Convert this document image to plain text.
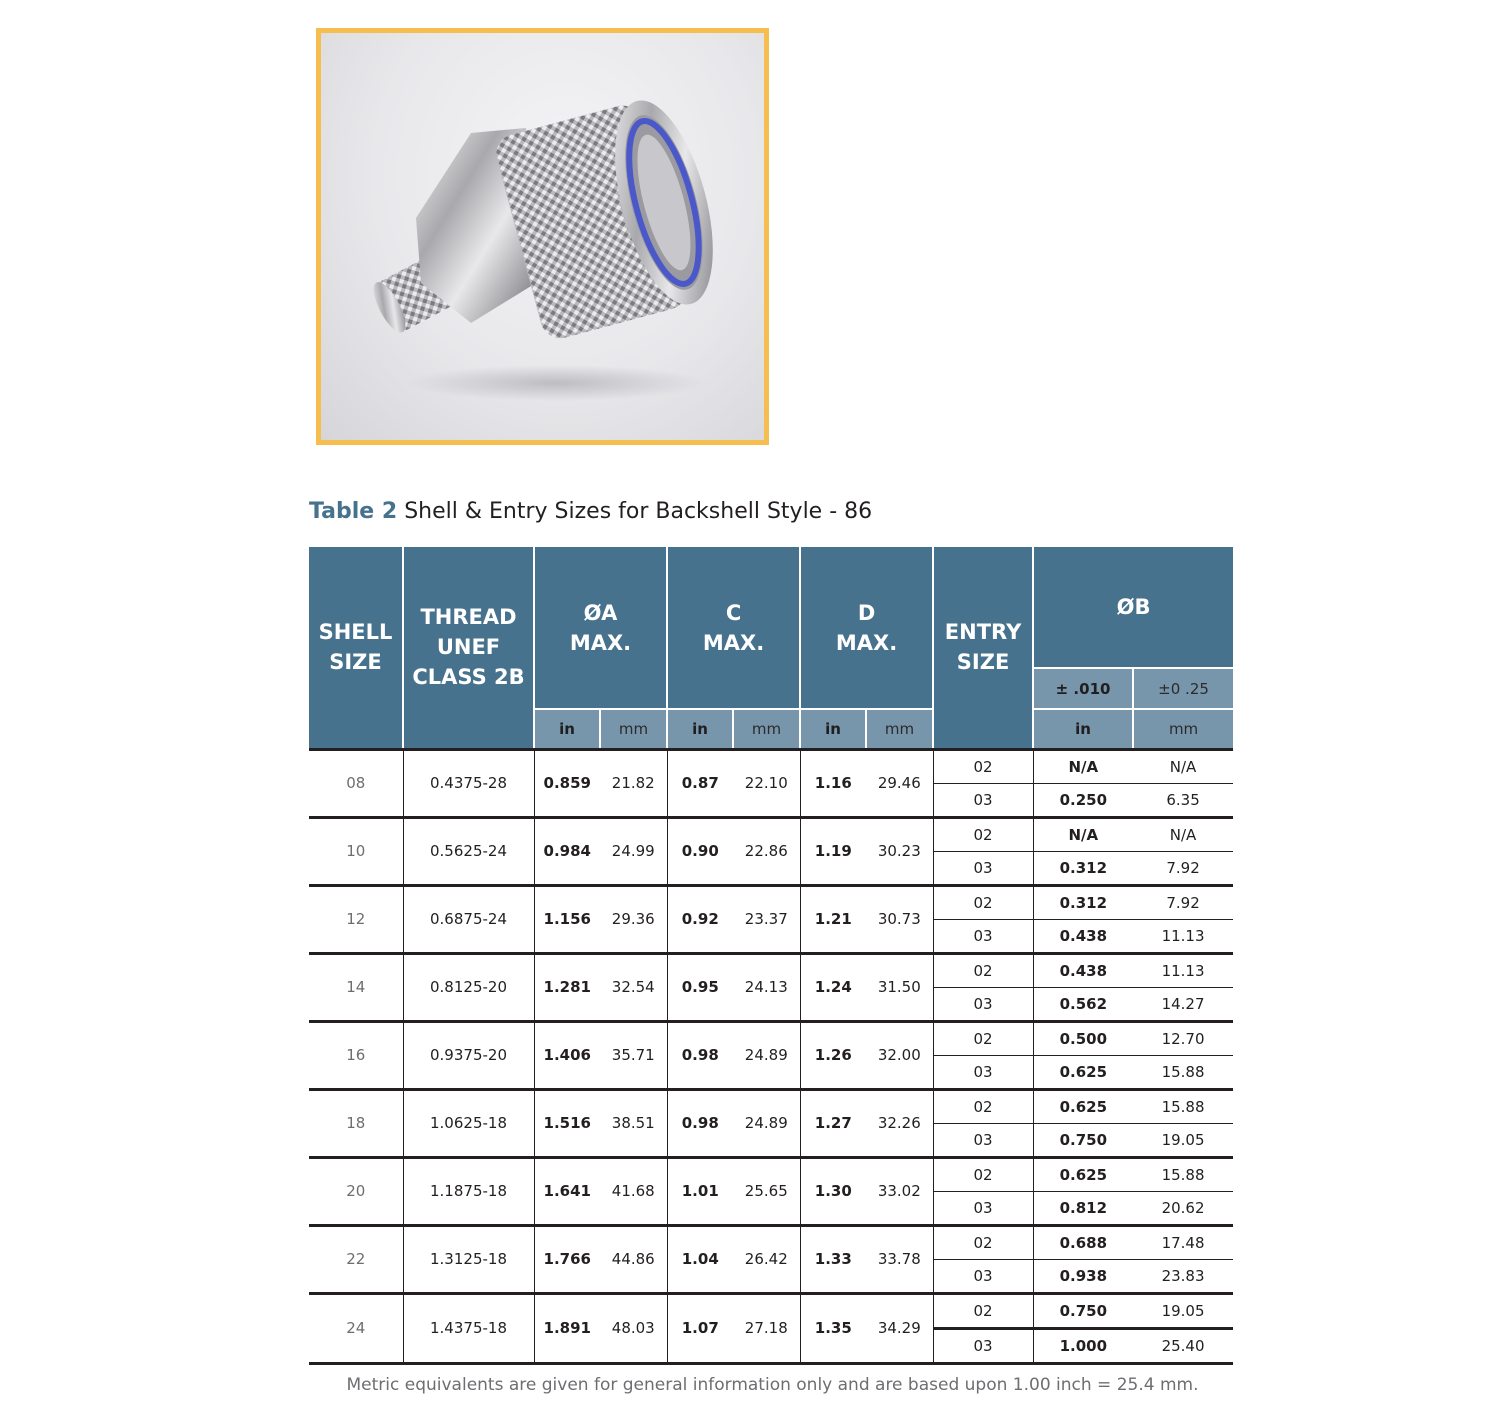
Table 2 Shell & Entry Sizes for Backshell Style - 86
SHELL
SIZE

THREAD
UNEF
CLASS 2B

ØA
MAX.

C
MAX.

D
MAX.	ENTRY
SIZE
	ØB
									± .010	±0 .25
		in	mm	in	mm	in	mm		in	mm
08	0.4375-28	0.859	21.82	0.87	22.10	1.16	29.46	02	N/A	N/A
								03	0.250	6.35
10	0.5625-24	0.984	24.99	0.90	22.86	1.19	30.23	02	N/A	N/A
								03	0.312	7.92
12	0.6875-24	1.156	29.36	0.92	23.37	1.21	30.73	02	0.312	7.92
								03	0.438	11.13
14	0.8125-20	1.281	32.54	0.95	24.13	1.24	31.50	02	0.438	11.13
								03	0.562	14.27
16	0.9375-20	1.406	35.71	0.98	24.89	1.26	32.00	02	0.500	12.70
								03	0.625	15.88
18	1.0625-18	1.516	38.51	0.98	24.89	1.27	32.26	02	0.625	15.88
								03	0.750	19.05
20	1.1875-18	1.641	41.68	1.01	25.65	1.30	33.02	02	0.625	15.88
								03	0.812	20.62
22	1.3125-18	1.766	44.86	1.04	26.42	1.33	33.78	02	0.688	17.48
								03	0.938	23.83
24	1.4375-18	1.891	48.03	1.07	27.18	1.35	34.29	02	0.750	19.05
								03	1.000	25.40
Metric equivalents are given for general information only and are based upon 1.00 inch = 25.4 mm.
